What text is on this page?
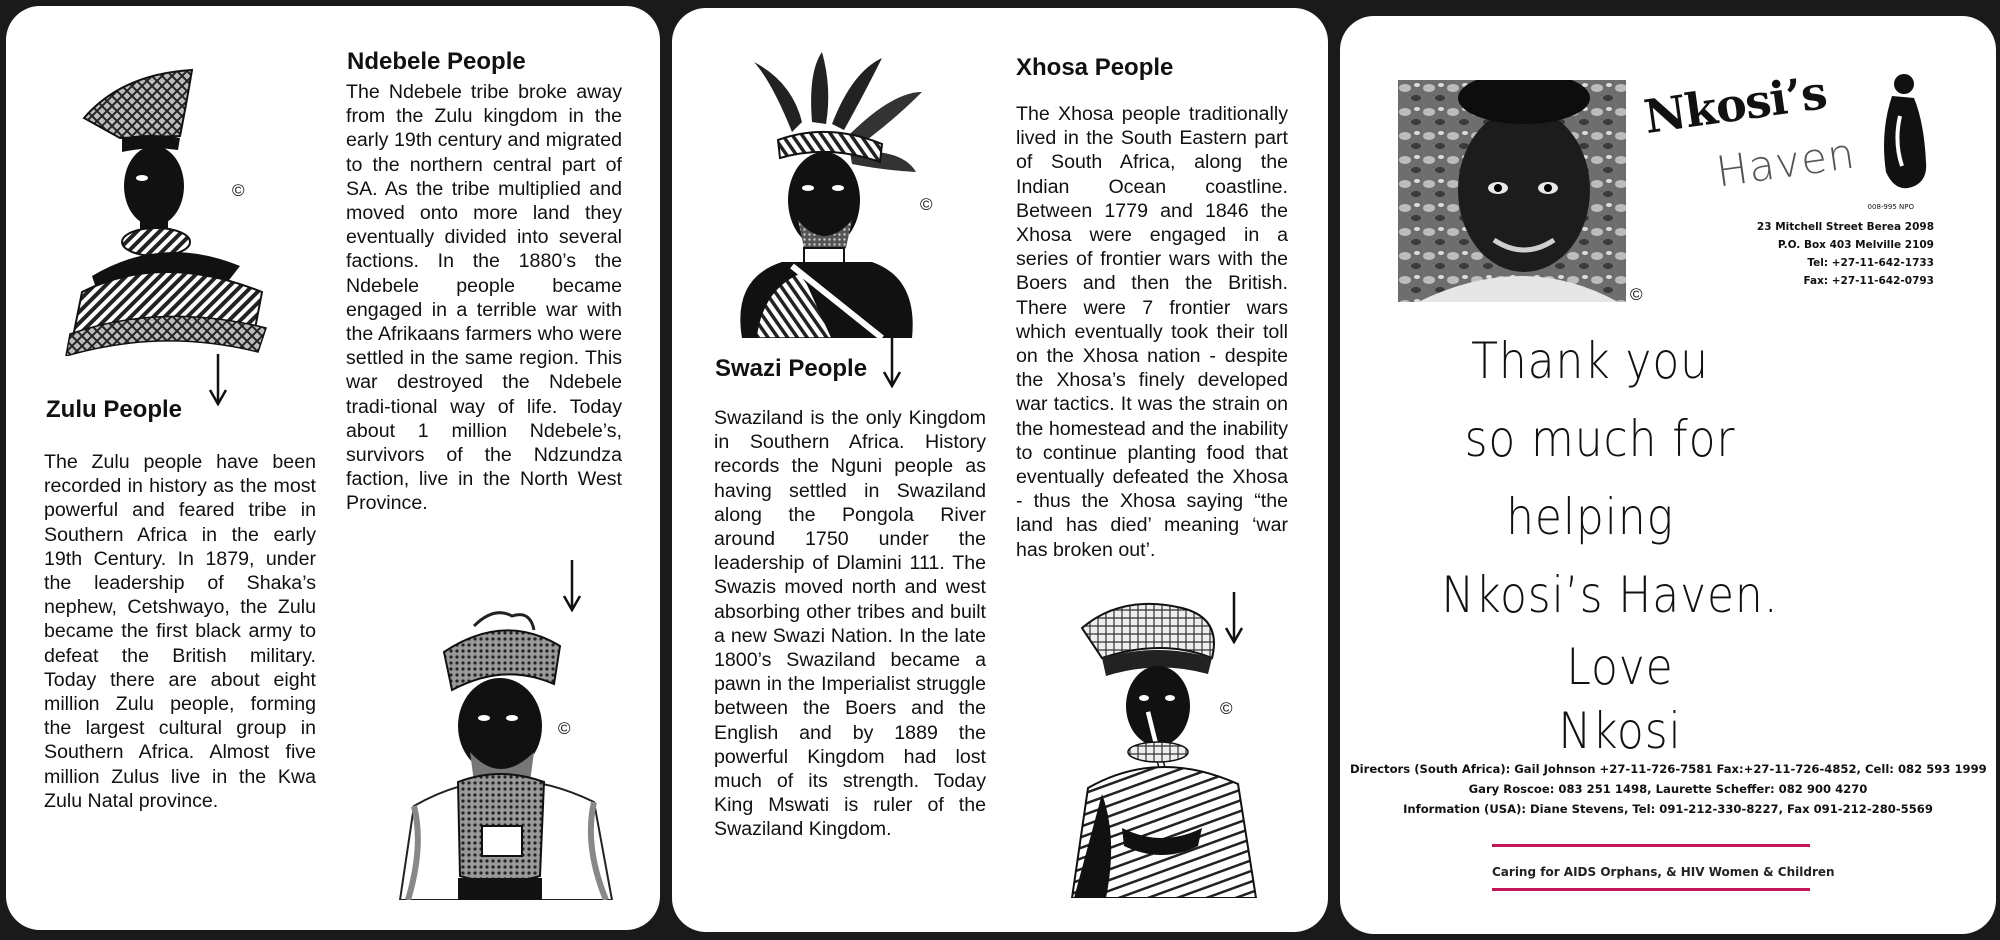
©
Zulu People
The Zulu people have been recorded in history as the most powerful and feared tribe in Southern Africa in the early 19th Century. In 1879, under the leadership of Shaka’s nephew, Cetshwayo, the Zulu became the first black army to defeat the British military. Today there are about eight million Zulu people, forming the largest cultural group in Southern Africa. Almost five million Zulus live in the Kwa Zulu Natal province.
Ndebele People
The Ndebele tribe broke away from the Zulu kingdom in the early 19th century and migrated to the northern central part of SA. As the tribe multiplied and moved onto more land they eventually divided into several factions. In the 1880’s the Ndebele people became engaged in a terrible war with the Afrikaans farmers who were settled in the same region. This war destroyed the Ndebele tradi-tional way of life. Today about 1 million Ndebele’s, survivors of the Ndzundza faction, live in the North West Province.
©
©
Swazi People
Swaziland is the only Kingdom in Southern Africa. History records the Nguni people as having settled in Swaziland along the Pongola River around 1750 under the leadership of Dlamini 111. The Swazis moved north and west absorbing other tribes and built a new Swazi Nation. In the late 1800’s Swaziland became a pawn in the Imperialist struggle between the Boers and the English and by 1889 the powerful Kingdom had lost much of its strength. Today King Mswati is ruler of the Swaziland Kingdom.
Xhosa People
The Xhosa people traditionally lived in the South Eastern part of South Africa, along the Indian Ocean coastline. Between 1779 and 1846 the Xhosa were engaged in a series of frontier wars with the Boers and then the British. There were 7 frontier wars which eventually took their toll on the Xhosa nation - despite the Xhosa’s finely developed war tactics. It was the strain on the homestead and the inability to continue planting food that eventually defeated the Xhosa - thus the Xhosa saying “the land has died’ meaning ‘war has broken out’.
©
©
Nkosi’s
Haven
008-995 NPO
23 Mitchell Street Berea 2098
P.O. Box 403 Melville 2109
Tel: +27-11-642-1733
Fax: +27-11-642-0793
Thank you
so much for
helping
Nkosi’s Haven.
Love
Nkosi
Directors (South Africa): Gail Johnson +27-11-726-7581 Fax:+27-11-726-4852, Cell: 082 593 1999
Gary Roscoe: 083 251 1498, Laurette Scheffer: 082 900 4270
Information (USA): Diane Stevens, Tel: 091-212-330-8227, Fax 091-212-280-5569
Caring for AIDS Orphans, & HIV Women & Children
